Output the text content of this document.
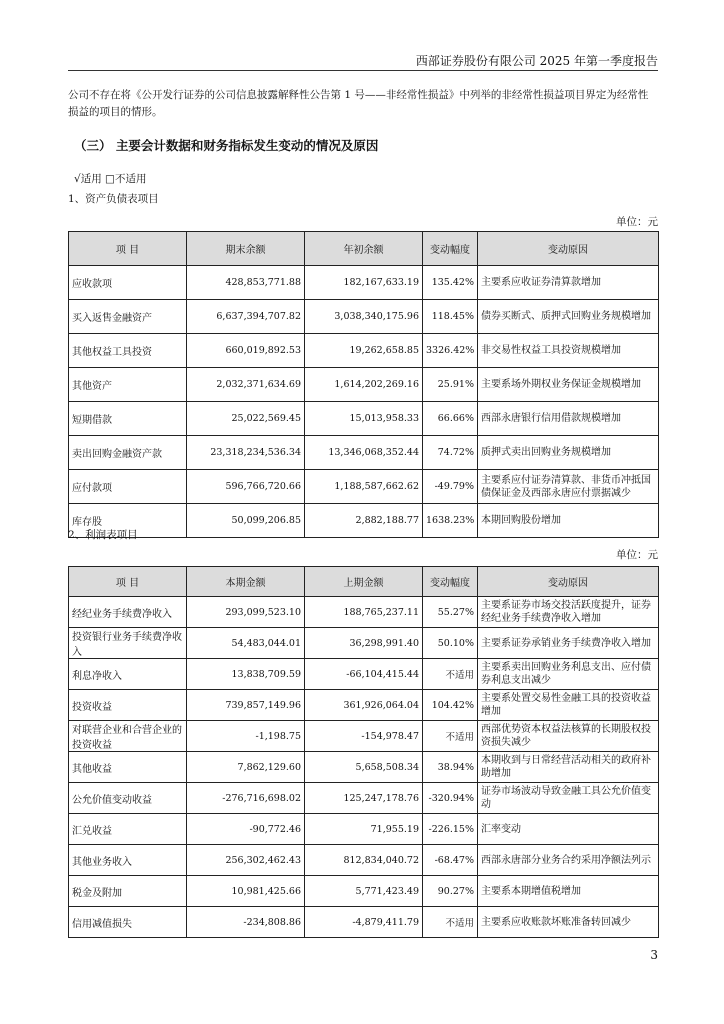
西部证券股份有限公司 2025 年第一季度报告
公司不存在将《公开发行证券的公司信息披露解释性公告第 1 号——非经常性损益》中列举的非经常性损益项目界定为经常性损益的项目的情形。
（三） 主要会计数据和财务指标发生变动的情况及原因
√适用 □不适用
1、资产负债表项目
单位：元
项 目	期末余额	年初余额	变动幅度	变动原因
应收款项	428,853,771.88	182,167,633.19	135.42%	主要系应收证券清算款增加
买入返售金融资产	6,637,394,707.82	3,038,340,175.96	118.45%	债券买断式、质押式回购业务规模增加
其他权益工具投资	660,019,892.53	19,262,658.85	3326.42%	非交易性权益工具投资规模增加
其他资产	2,032,371,634.69	1,614,202,269.16	25.91%	主要系场外期权业务保证金规模增加
短期借款	25,022,569.45	15,013,958.33	66.66%	西部永唐银行信用借款规模增加
卖出回购金融资产款	23,318,234,536.34	13,346,068,352.44	74.72%	质押式卖出回购业务规模增加
应付款项	596,766,720.66	1,188,587,662.62	-49.79%	主要系应付证券清算款、非货币冲抵国债保证金及西部永唐应付票据减少
库存股	50,099,206.85	2,882,188.77	1638.23%	本期回购股份增加
2、利润表项目
单位：元
项 目	本期金额	上期金额	变动幅度	变动原因
经纪业务手续费净收入	293,099,523.10	188,765,237.11	55.27%	主要系证券市场交投活跃度提升，证券经纪业务手续费净收入增加
投资银行业务手续费净收入	54,483,044.01	36,298,991.40	50.10%	主要系证券承销业务手续费净收入增加
利息净收入	13,838,709.59	-66,104,415.44	不适用	主要系卖出回购业务利息支出、应付债券利息支出减少
投资收益	739,857,149.96	361,926,064.04	104.42%	主要系处置交易性金融工具的投资收益增加
对联营企业和合营企业的投资收益	-1,198.75	-154,978.47	不适用	西部优势资本权益法核算的长期股权投资损失减少
其他收益	7,862,129.60	5,658,508.34	38.94%	本期收到与日常经营活动相关的政府补助增加
公允价值变动收益	-276,716,698.02	125,247,178.76	-320.94%	证券市场波动导致金融工具公允价值变动
汇兑收益	-90,772.46	71,955.19	-226.15%	汇率变动
其他业务收入	256,302,462.43	812,834,040.72	-68.47%	西部永唐部分业务合约采用净额法列示
税金及附加	10,981,425.66	5,771,423.49	90.27%	主要系本期增值税增加
信用减值损失	-234,808.86	-4,879,411.79	不适用	主要系应收账款坏账准备转回减少
3
